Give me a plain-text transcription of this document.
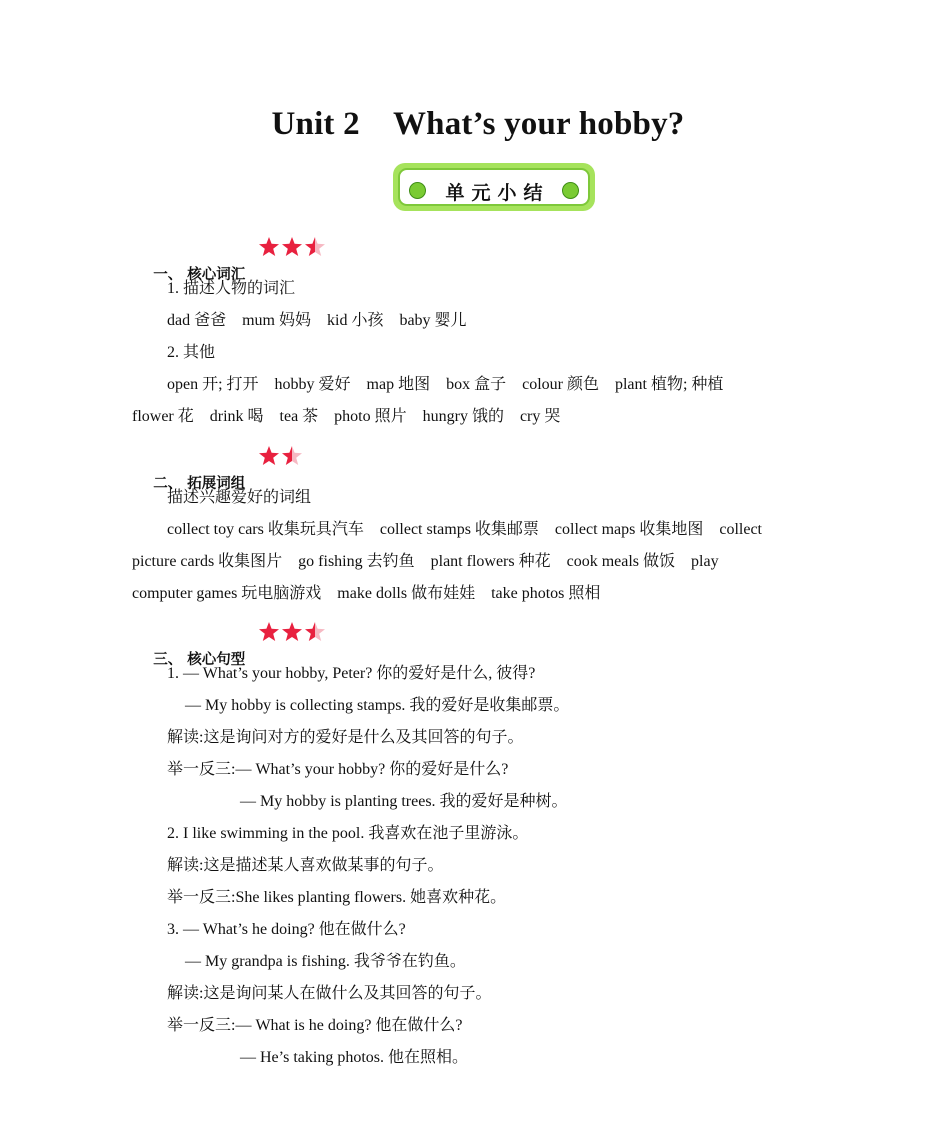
Unit 2    What’s your hobby?
单元小结

一、 核心词汇

二、 拓展词组

三、 核心句型

1. 描述人物的词汇
dad 爸爸    mum 妈妈    kid 小孩    baby 婴儿
2. 其他
open 开; 打开    hobby 爱好    map 地图    box 盒子    colour 颜色    plant 植物; 种植
flower 花    drink 喝    tea 茶    photo 照片    hungry 饿的    cry 哭
描述兴趣爱好的词组
collect toy cars 收集玩具汽车    collect stamps 收集邮票    collect maps 收集地图    collect
picture cards 收集图片    go fishing 去钓鱼    plant flowers 种花    cook meals 做饭    play
computer games 玩电脑游戏    make dolls 做布娃娃    take photos 照相
1. — What’s your hobby, Peter? 你的爱好是什么, 彼得?
— My hobby is collecting stamps. 我的爱好是收集邮票。
解读:这是询问对方的爱好是什么及其回答的句子。
举一反三:— What’s your hobby? 你的爱好是什么?
— My hobby is planting trees. 我的爱好是种树。
2. I like swimming in the pool. 我喜欢在池子里游泳。
解读:这是描述某人喜欢做某事的句子。
举一反三:She likes planting flowers. 她喜欢种花。
3. — What’s he doing? 他在做什么?
— My grandpa is fishing. 我爷爷在钓鱼。
解读:这是询问某人在做什么及其回答的句子。
举一反三:— What is he doing? 他在做什么?
— He’s taking photos. 他在照相。
